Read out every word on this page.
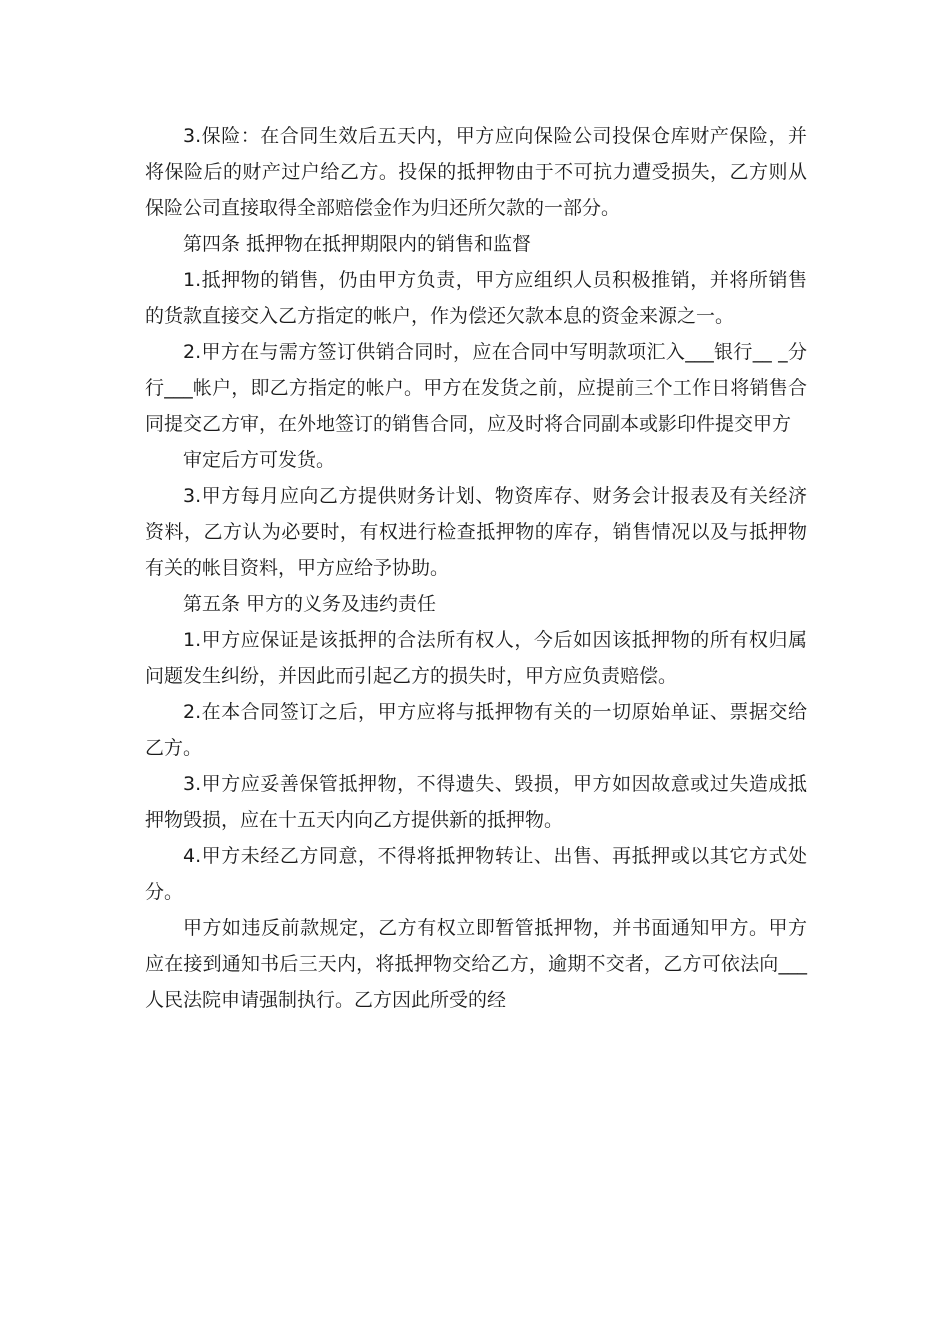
3.保险：在合同生效后五天内，甲方应向保险公司投保仓库财产保险，并将保险后的财产过户给乙方。投保的抵押物由于不可抗力遭受损失，乙方则从保险公司直接取得全部赔偿金作为归还所欠款的一部分。

第四条 抵押物在抵押期限内的销售和监督

1.抵押物的销售，仍由甲方负责，甲方应组织人员积极推销，并将所销售的货款直接交入乙方指定的帐户，作为偿还欠款本息的资金来源之一。

2.甲方在与需方签订供销合同时，应在合同中写明款项汇入___银行__ _分行___帐户，即乙方指定的帐户。甲方在发货之前，应提前三个工作日将销售合同提交乙方审，在外地签订的销售合同，应及时将合同副本或影印件提交甲方

审定后方可发货。

3.甲方每月应向乙方提供财务计划、物资库存、财务会计报表及有关经济资料，乙方认为必要时，有权进行检查抵押物的库存，销售情况以及与抵押物有关的帐目资料，甲方应给予协助。

第五条 甲方的义务及违约责任

1.甲方应保证是该抵押的合法所有权人，今后如因该抵押物的所有权归属问题发生纠纷，并因此而引起乙方的损失时，甲方应负责赔偿。

2.在本合同签订之后，甲方应将与抵押物有关的一切原始单证、票据交给乙方。

3.甲方应妥善保管抵押物，不得遗失、毁损，甲方如因故意或过失造成抵押物毁损，应在十五天内向乙方提供新的抵押物。

4.甲方未经乙方同意，不得将抵押物转让、出售、再抵押或以其它方式处分。

甲方如违反前款规定，乙方有权立即暂管抵押物，并书面通知甲方。甲方应在接到通知书后三天内，将抵押物交给乙方，逾期不交者，乙方可依法向___人民法院申请强制执行。乙方因此所受的经
